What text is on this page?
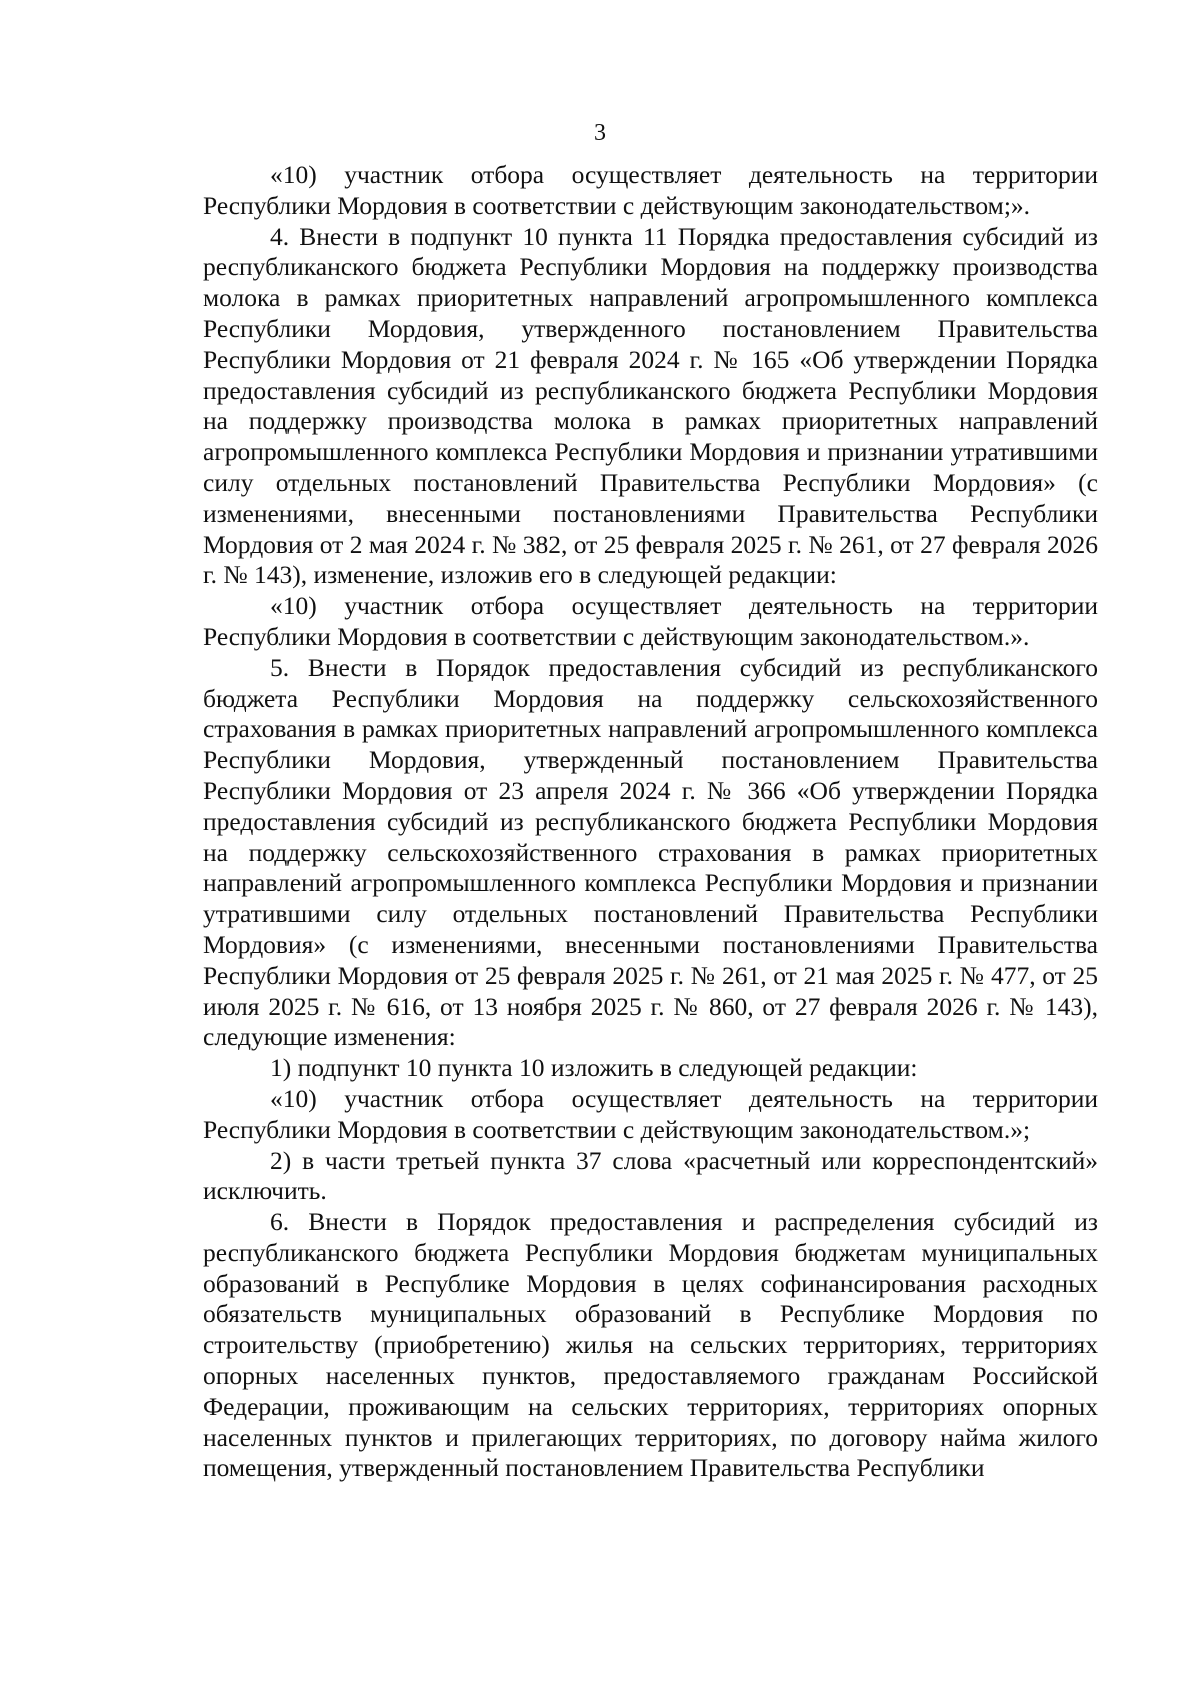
3

«10) участник отбора осуществляет деятельность на территории Республики Мордовия в соответствии с действующим законодательством;».

4. Внести в подпункт 10 пункта 11 Порядка предоставления субсидий из республиканского бюджета Республики Мордовия на поддержку производства молока в рамках приоритетных направлений агропромышленного комплекса Республики Мордовия, утвержденного постановлением Правительства Республики Мордовия от 21 февраля 2024 г. № 165 «Об утверждении Порядка предоставления субсидий из республиканского бюджета Республики Мордовия на поддержку производства молока в рамках приоритетных направлений агропромышленного комплекса Республики Мордовия и признании утратившими силу отдельных постановлений Правительства Республики Мордовия» (с изменениями, внесенными постановлениями Правительства Республики Мордовия от 2 мая 2024 г. № 382, от 25 февраля 2025 г. № 261, от 27 февраля 2026 г. № 143), изменение, изложив его в следующей редакции:

«10) участник отбора осуществляет деятельность на территории Республики Мордовия в соответствии с действующим законодательством.».

5. Внести в Порядок предоставления субсидий из республиканского бюджета Республики Мордовия на поддержку сельскохозяйственного страхования в рамках приоритетных направлений агропромышленного комплекса Республики Мордовия, утвержденный постановлением Правительства Республики Мордовия от 23 апреля 2024 г. № 366 «Об утверждении Порядка предоставления субсидий из республиканского бюджета Республики Мордовия на поддержку сельскохозяйственного страхования в рамках приоритетных направлений агропромышленного комплекса Республики Мордовия и признании утратившими силу отдельных постановлений Правительства Республики Мордовия» (с изменениями, внесенными постановлениями Правительства Республики Мордовия от 25 февраля 2025 г. № 261, от 21 мая 2025 г. № 477, от 25 июля 2025 г. № 616, от 13 ноября 2025 г. № 860, от 27 февраля 2026 г. № 143), следующие изменения:

1) подпункт 10 пункта 10 изложить в следующей редакции:

«10) участник отбора осуществляет деятельность на территории Республики Мордовия в соответствии с действующим законодательством.»;

2) в части третьей пункта 37 слова «расчетный или корреспондентский» исключить.

6. Внести в Порядок предоставления и распределения субсидий из республиканского бюджета Республики Мордовия бюджетам муниципальных образований в Республике Мордовия в целях софинансирования расходных обязательств муниципальных образований в Республике Мордовия по строительству (приобретению) жилья на сельских территориях, территориях опорных населенных пунктов, предоставляемого гражданам Российской Федерации, проживающим на сельских территориях, территориях опорных населенных пунктов и прилегающих территориях, по договору найма жилого помещения, утвержденный постановлением Правительства Республики
